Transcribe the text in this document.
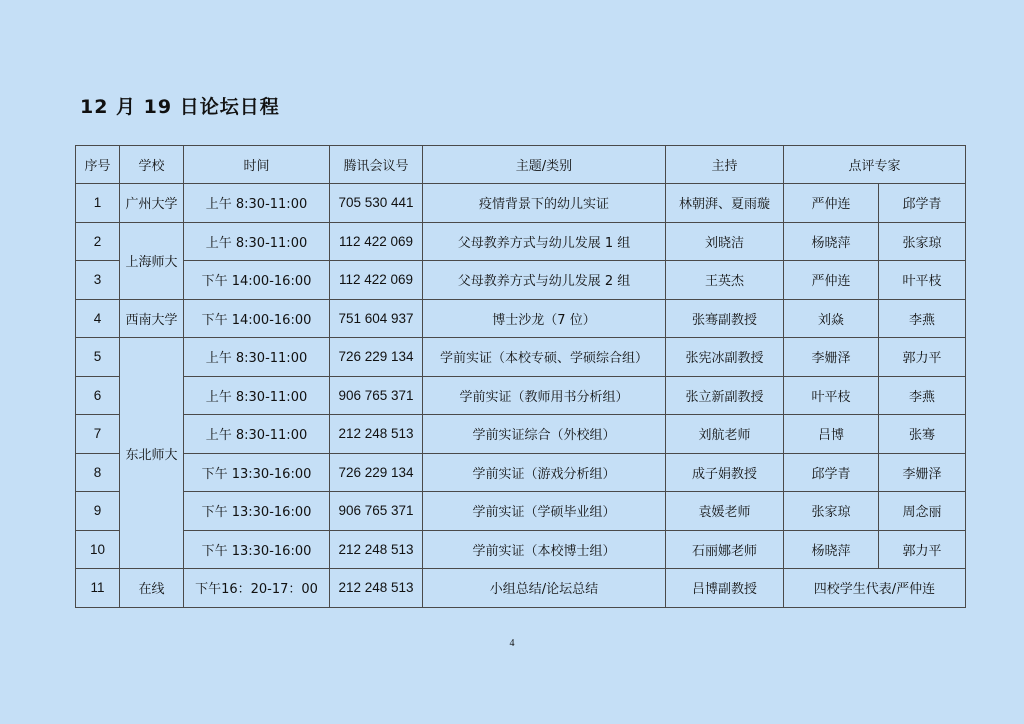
12 月 19 日论坛日程
序号	学校	时间	腾讯会议号	主题/类别	主持	点评专家	
1	广州大学	上午 8:30-11:00	705 530 441	疫情背景下的幼儿实证	林朝湃、夏雨璇	严仲连	邱学青
2	上海师大	上午 8:30-11:00	112 422 069	父母教养方式与幼儿发展 1 组	刘晓洁	杨晓萍	张家琼
3		下午 14:00-16:00	112 422 069	父母教养方式与幼儿发展 2 组	王英杰	严仲连	叶平枝
4	西南大学	下午 14:00-16:00	751 604 937	博士沙龙（7 位）	张骞副教授	刘焱	李燕
5	东北师大	上午 8:30-11:00	726 229 134	学前实证（本校专硕、学硕综合组）	张宪冰副教授	李姗泽	郭力平
6		上午 8:30-11:00	906 765 371	学前实证（教师用书分析组）	张立新副教授	叶平枝	李燕
7		上午 8:30-11:00	212 248 513	学前实证综合（外校组）	刘航老师	吕博	张骞
8		下午 13:30-16:00	726 229 134	学前实证（游戏分析组）	成子娟教授	邱学青	李姗泽
9		下午 13:30-16:00	906 765 371	学前实证（学硕毕业组）	袁媛老师	张家琼	周念丽
10		下午 13:30-16:00	212 248 513	学前实证（本校博士组）	石丽娜老师	杨晓萍	郭力平
11	在线	下午16：20-17：00	212 248 513	小组总结/论坛总结	吕博副教授	四校学生代表/严仲连	
4
